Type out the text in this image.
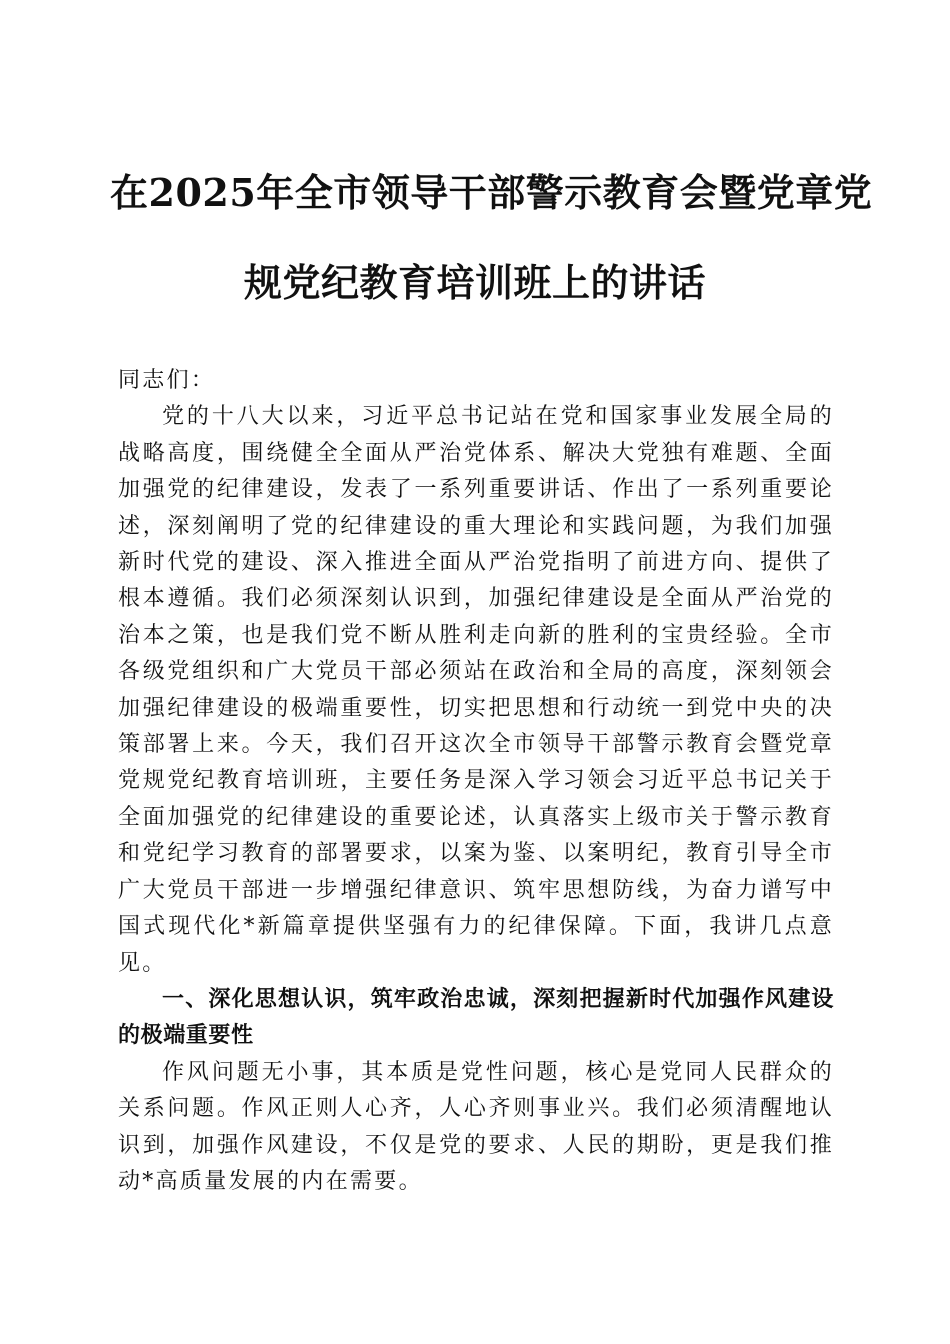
在2025年全市领导干部警示教育会暨党章党
规党纪教育培训班上的讲话

同志们：

党的十八大以来，习近平总书记站在党和国家事业发展全局的战略高度，围绕健全全面从严治党体系、解决大党独有难题、全面加强党的纪律建设，发表了一系列重要讲话、作出了一系列重要论述，深刻阐明了党的纪律建设的重大理论和实践问题，为我们加强新时代党的建设、深入推进全面从严治党指明了前进方向、提供了根本遵循。我们必须深刻认识到，加强纪律建设是全面从严治党的治本之策，也是我们党不断从胜利走向新的胜利的宝贵经验。全市各级党组织和广大党员干部必须站在政治和全局的高度，深刻领会加强纪律建设的极端重要性，切实把思想和行动统一到党中央的决策部署上来。今天，我们召开这次全市领导干部警示教育会暨党章党规党纪教育培训班，主要任务是深入学习领会习近平总书记关于全面加强党的纪律建设的重要论述，认真落实上级市关于警示教育和党纪学习教育的部署要求，以案为鉴、以案明纪，教育引导全市广大党员干部进一步增强纪律意识、筑牢思想防线，为奋力谱写中国式现代化*新篇章提供坚强有力的纪律保障。下面，我讲几点意见。

一、深化思想认识，筑牢政治忠诚，深刻把握新时代加强作风建设的极端重要性

作风问题无小事，其本质是党性问题，核心是党同人民群众的关系问题。作风正则人心齐，人心齐则事业兴。我们必须清醒地认识到，加强作风建设，不仅是党的要求、人民的期盼，更是我们推动*高质量发展的内在需要。
